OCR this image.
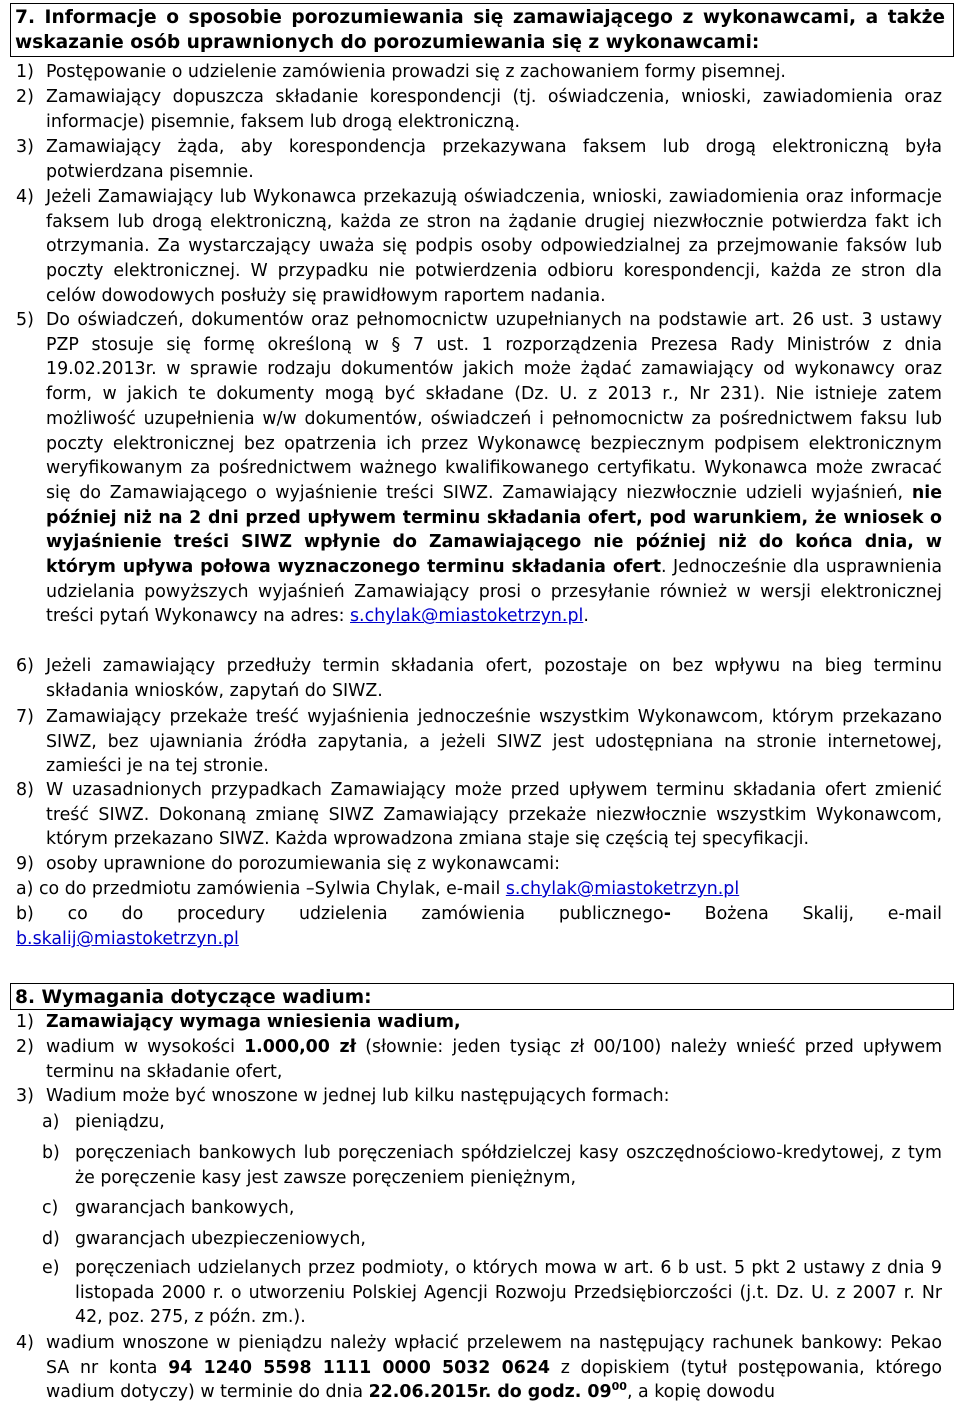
7. Informacje o sposobie porozumiewania się zamawiającego z wykonawcami, a także wskazanie osób uprawnionych do porozumiewania się z wykonawcami:
1) Postępowanie o udzielenie zamówienia prowadzi się z zachowaniem formy pisemnej.
2) Zamawiający dopuszcza składanie korespondencji (tj. oświadczenia, wnioski, zawiadomienia oraz informacje) pisemnie, faksem lub drogą elektroniczną.
3) Zamawiający żąda, aby korespondencja przekazywana faksem lub drogą elektroniczną była potwierdzana pisemnie.
4) Jeżeli Zamawiający lub Wykonawca przekazują oświadczenia, wnioski, zawiadomienia oraz informacje faksem lub drogą elektroniczną, każda ze stron na żądanie drugiej niezwłocznie potwierdza fakt ich otrzymania. Za wystarczający uważa się podpis osoby odpowiedzialnej za przejmowanie faksów lub poczty elektronicznej. W przypadku nie potwierdzenia odbioru korespondencji, każda ze stron dla celów dowodowych posłuży się prawidłowym raportem nadania.
5) Do oświadczeń, dokumentów oraz pełnomocnictw uzupełnianych na podstawie art. 26 ust. 3 ustawy PZP stosuje się formę określoną w § 7 ust. 1 rozporządzenia Prezesa Rady Ministrów z dnia 19.02.2013r. w sprawie rodzaju dokumentów jakich może żądać zamawiający od wykonawcy oraz form, w jakich te dokumenty mogą być składane (Dz. U. z 2013 r., Nr 231). Nie istnieje zatem możliwość uzupełnienia w/w dokumentów, oświadczeń i pełnomocnictw za pośrednictwem faksu lub poczty elektronicznej bez opatrzenia ich przez Wykonawcę bezpiecznym podpisem elektronicznym weryfikowanym za pośrednictwem ważnego kwalifikowanego certyfikatu. Wykonawca może zwracać się do Zamawiającego o wyjaśnienie treści SIWZ. Zamawiający niezwłocznie udzieli wyjaśnień, nie później niż na 2 dni przed upływem terminu składania ofert, pod warunkiem, że wniosek o wyjaśnienie treści SIWZ wpłynie do Zamawiającego nie później niż do końca dnia, w którym upływa połowa wyznaczonego terminu składania ofert. Jednocześnie dla usprawnienia udzielania powyższych wyjaśnień Zamawiający prosi o przesyłanie również w wersji elektronicznej treści pytań Wykonawcy na adres: s.chylak@miastoketrzyn.pl.
6) Jeżeli zamawiający przedłuży termin składania ofert, pozostaje on bez wpływu na bieg terminu składania wniosków, zapytań do SIWZ.
7) Zamawiający przekaże treść wyjaśnienia jednocześnie wszystkim Wykonawcom, którym przekazano SIWZ, bez ujawniania źródła zapytania, a jeżeli SIWZ jest udostępniana na stronie internetowej, zamieści je na tej stronie.
8) W uzasadnionych przypadkach Zamawiający może przed upływem terminu składania ofert zmienić treść SIWZ. Dokonaną zmianę SIWZ Zamawiający przekaże niezwłocznie wszystkim Wykonawcom, którym przekazano SIWZ. Każda wprowadzona zmiana staje się częścią tej specyfikacji.
9) osoby uprawnione do porozumiewania się z wykonawcami:
a) co do przedmiotu zamówienia –Sylwia Chylak, e-mail s.chylak@miastoketrzyn.pl
b) co do procedury udzielenia zamówienia publicznego- Bożena Skalij, e-mail
b.skalij@miastoketrzyn.pl
8. Wymagania dotyczące wadium:
1) Zamawiający wymaga wniesienia wadium,
2) wadium w wysokości 1.000,00 zł (słownie: jeden tysiąc zł 00/100) należy wnieść przed upływem terminu na składanie ofert,
3) Wadium może być wnoszone w jednej lub kilku następujących formach:
a) pieniądzu,
b) poręczeniach bankowych lub poręczeniach spółdzielczej kasy oszczędnościowo-kredytowej, z tym że poręczenie kasy jest zawsze poręczeniem pieniężnym,
c) gwarancjach bankowych,
d) gwarancjach ubezpieczeniowych,
e) poręczeniach udzielanych przez podmioty, o których mowa w art. 6 b ust. 5 pkt 2 ustawy z dnia 9 listopada 2000 r. o utworzeniu Polskiej Agencji Rozwoju Przedsiębiorczości (j.t. Dz. U. z 2007 r. Nr 42, poz. 275, z późn. zm.).
4) wadium wnoszone w pieniądzu należy wpłacić przelewem na następujący rachunek bankowy: Pekao SA nr konta 94 1240 5598 1111 0000 5032 0624 z dopiskiem (tytuł postępowania, którego wadium dotyczy) w terminie do dnia 22.06.2015r. do godz. $09^{00}$, a kopię dowodu
